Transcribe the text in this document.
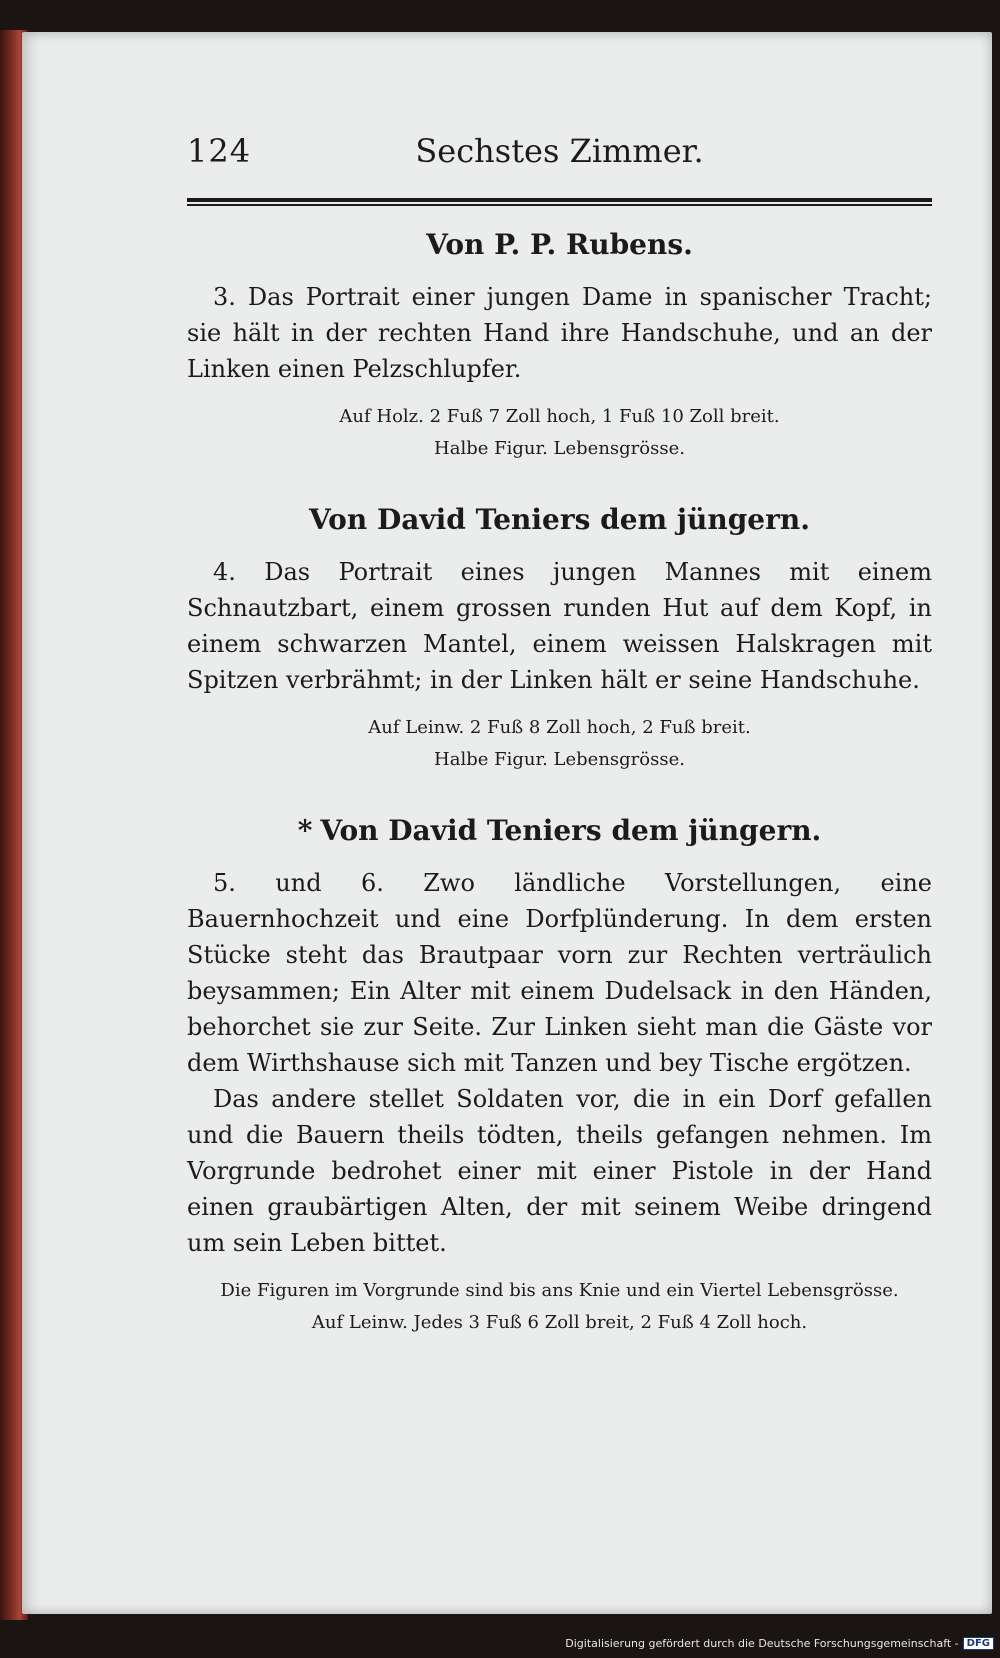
124	Sechstes Zimmer.
Von P. P. Rubens.

3. Das Portrait einer jungen Dame in spanischer Tracht; sie hält in der rechten Hand ihre Handschuhe, und an der Linken einen Pelzschlupfer.

Auf Holz. 2 Fuß 7 Zoll hoch, 1 Fuß 10 Zoll breit.

Halbe Figur. Lebensgrösse.

Von David Teniers dem jüngern.

4. Das Portrait eines jungen Mannes mit einem Schnautzbart, einem grossen runden Hut auf dem Kopf, in einem schwarzen Mantel, einem weissen Halskragen mit Spitzen verbrähmt; in der Linken hält er seine Handschuhe.

Auf Leinw. 2 Fuß 8 Zoll hoch, 2 Fuß breit.

Halbe Figur. Lebensgrösse.

* Von David Teniers dem jüngern.

5. und 6. Zwo ländliche Vorstellungen, eine Bauernhochzeit und eine Dorfplünderung. In dem ersten Stücke steht das Brautpaar vorn zur Rechten verträulich beysammen; Ein Alter mit einem Dudelsack in den Händen, behorchet sie zur Seite. Zur Linken sieht man die Gäste vor dem Wirthshause sich mit Tanzen und bey Tische ergötzen.

Das andere stellet Soldaten vor, die in ein Dorf gefallen und die Bauern theils tödten, theils gefangen nehmen. Im Vorgrunde bedrohet einer mit einer Pistole in der Hand einen graubärtigen Alten, der mit seinem Weibe dringend um sein Leben bittet.

Die Figuren im Vorgrunde sind bis ans Knie und ein Viertel Lebensgrösse.

Auf Leinw. Jedes 3 Fuß 6 Zoll breit, 2 Fuß 4 Zoll hoch.

Digitalisierung gefördert durch die Deutsche Forschungsgemeinschaft - DFG
